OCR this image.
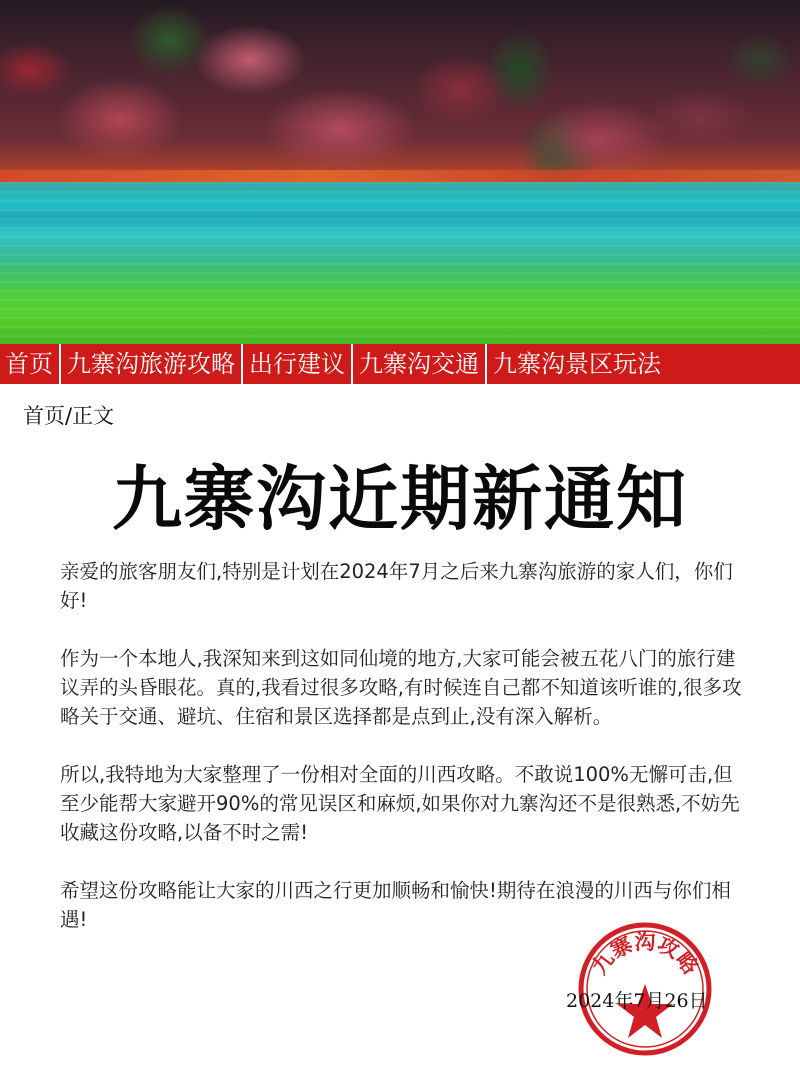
首页 九寨沟旅游攻略 出行建议 九寨沟交通 九寨沟景区玩法
首页/正文
九寨沟近期新通知

亲爱的旅客朋友们,特别是计划在2024年7月之后来九寨沟旅游的家人们，你们好!

作为一个本地人,我深知来到这如同仙境的地方,大家可能会被五花八门的旅行建议弄的头昏眼花。真的,我看过很多攻略,有时候连自己都不知道该听谁的,很多攻略关于交通、避坑、住宿和景区选择都是点到止,没有深入解析。

所以,我特地为大家整理了一份相对全面的川西攻略。不敢说100%无懈可击,但至少能帮大家避开90%的常见误区和麻烦,如果你对九寨沟还不是很熟悉,不妨先收藏这份攻略,以备不时之需!

希望这份攻略能让大家的川西之行更加顺畅和愉快!期待在浪漫的川西与你们相遇!

九寨沟攻略
2024年7月26日
